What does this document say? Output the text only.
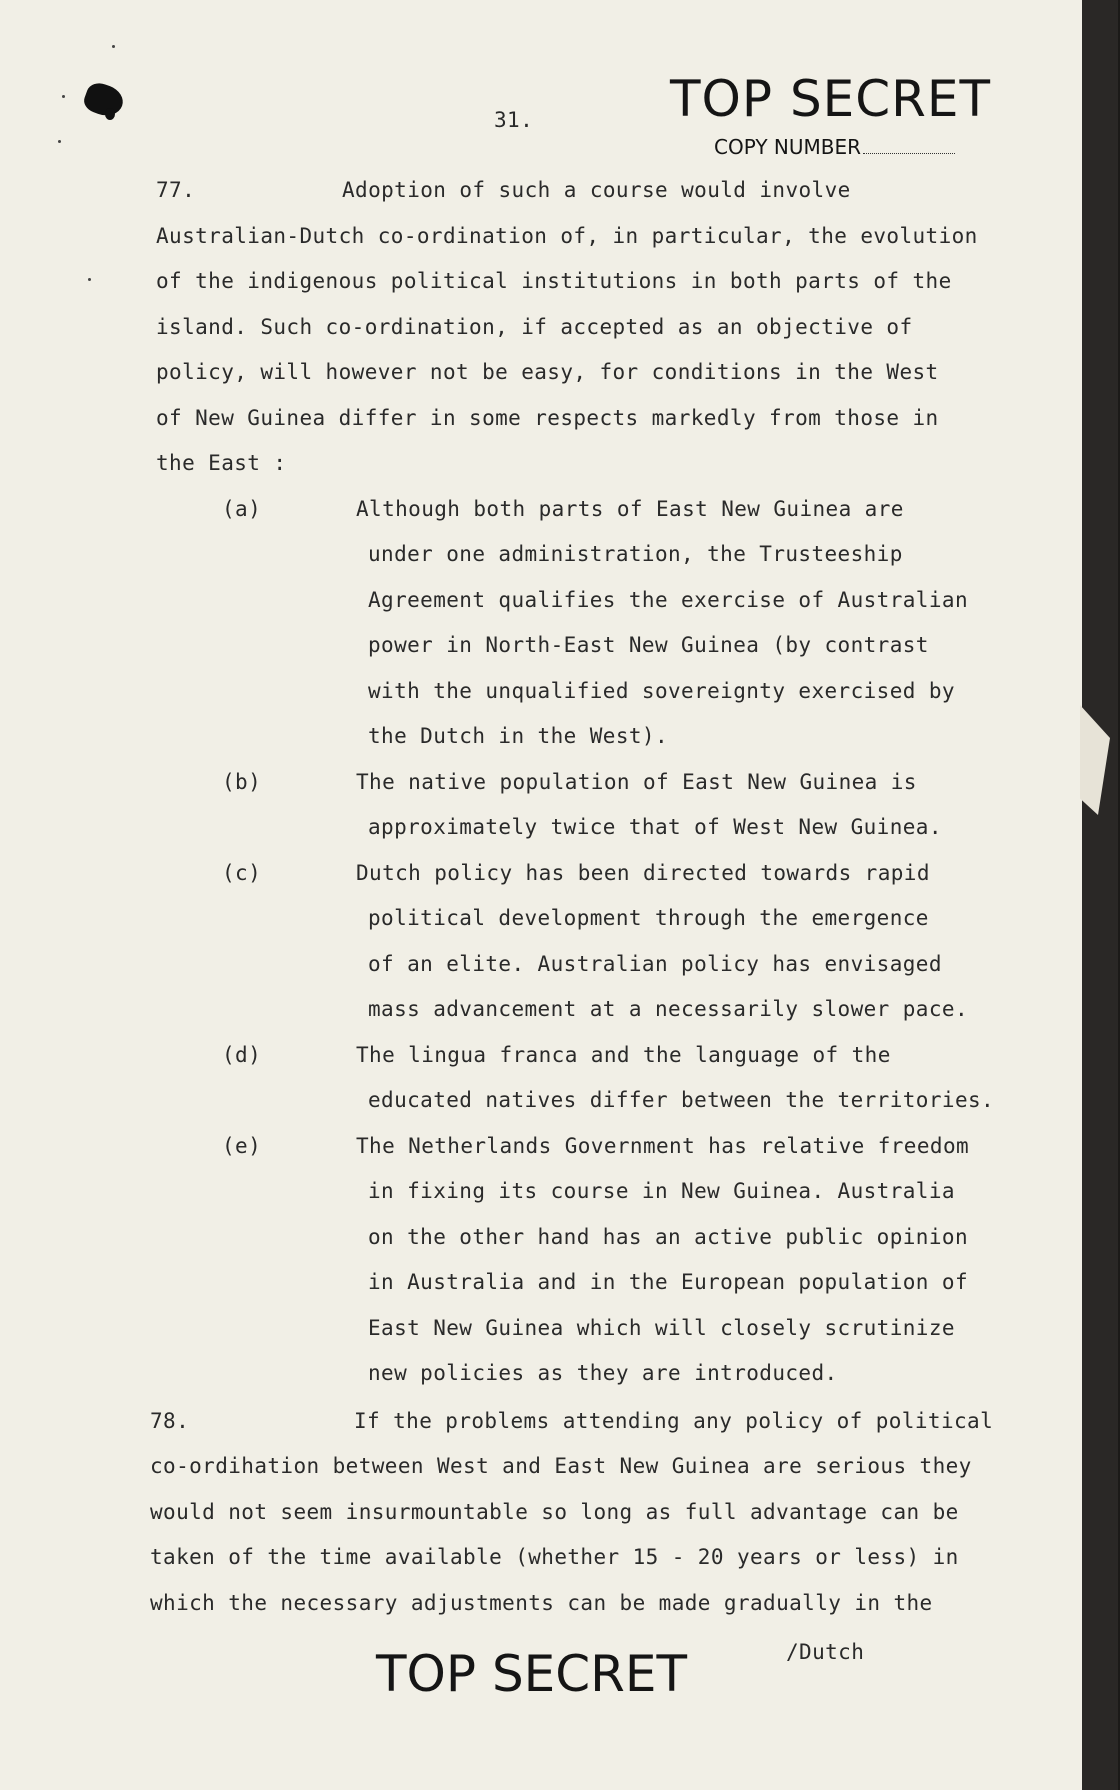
31.	TOP SECRET
COPY NUMBER
77.	Adoption of such a course would involve
Australian-Dutch co-ordination of, in particular, the evolution
of the indigenous political institutions in both parts of the
island. Such co-ordination, if accepted as an objective of
policy, will however not be easy, for conditions in the West
of New Guinea differ in some respects markedly from those in
the East :
(a)	Although both parts of East New Guinea are
under one administration, the Trusteeship
Agreement qualifies the exercise of Australian
power in North-East New Guinea (by contrast
with the unqualified sovereignty exercised by
the Dutch in the West).
(b)	The native population of East New Guinea is
approximately twice that of West New Guinea.
(c)	Dutch policy has been directed towards rapid
political development through the emergence
of an elite. Australian policy has envisaged
mass advancement at a necessarily slower pace.
(d)	The lingua franca and the language of the
educated natives differ between the territories.
(e)	The Netherlands Government has relative freedom
in fixing its course in New Guinea. Australia
on the other hand has an active public opinion
in Australia and in the European population of
East New Guinea which will closely scrutinize
new policies as they are introduced.
78.	If the problems attending any policy of political
co-ordihation between West and East New Guinea are serious they
would not seem insurmountable so long as full advantage can be
taken of the time available (whether 15 - 20 years or less) in
which the necessary adjustments can be made gradually in the
TOP SECRET	/Dutch
